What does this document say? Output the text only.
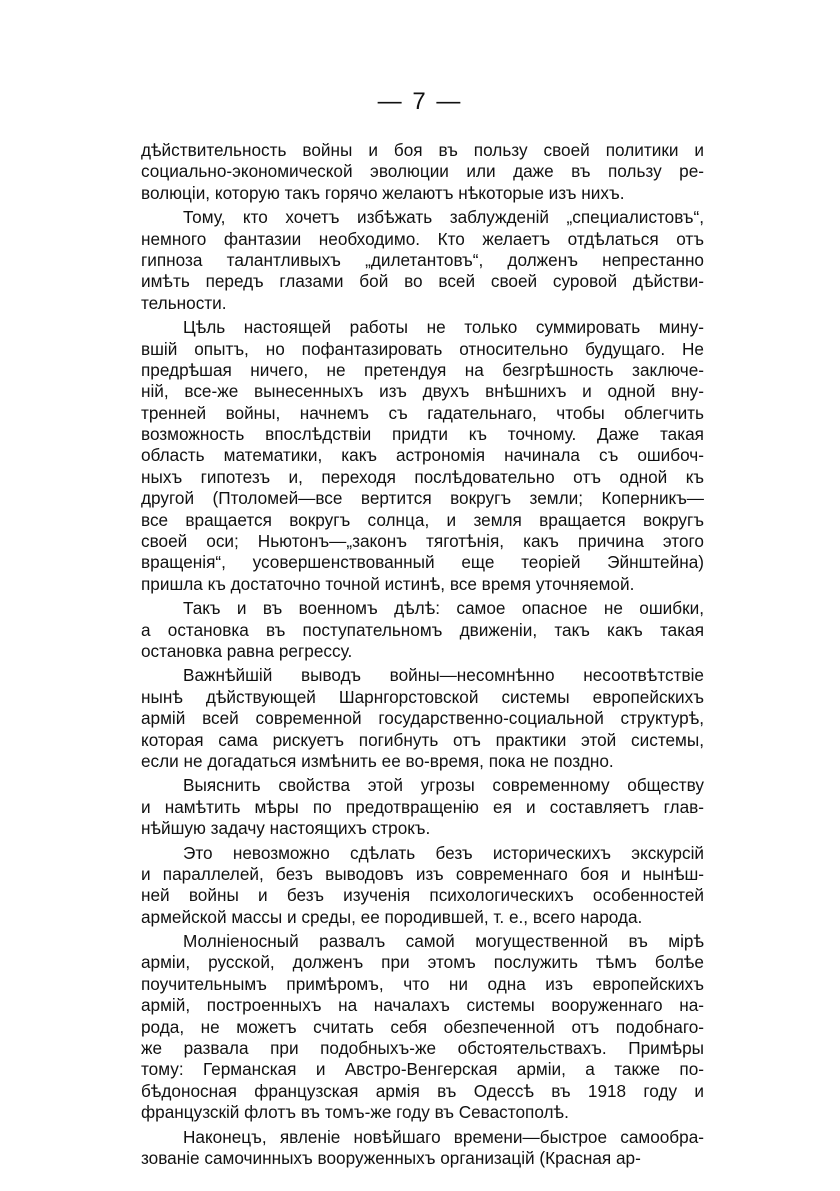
— 7 —
дѣйствительность войны и боя въ пользу своей политики и
социально-экономической эволюции или даже въ пользу ре-
волюціи, которую такъ горячо желаютъ нѣкоторые изъ нихъ.
Тому, кто хочетъ избѣжать заблужденій „специалистовъ“,
немного фантазии необходимо. Кто желаетъ отдѣлаться отъ
гипноза талантливыхъ „дилетантовъ“, долженъ непрестанно
имѣть передъ глазами бой во всей своей суровой дѣйстви-
тельности.
Цѣль настоящей работы не только суммировать мину-
вшій опытъ, но пофантазировать относительно будущаго. Не
предрѣшая ничего, не претендуя на безгрѣшность заключе-
ній, все-же вынесенныхъ изъ двухъ внѣшнихъ и одной вну-
тренней войны, начнемъ съ гадательнаго, чтобы облегчить
возможность впослѣдствіи придти къ точному. Даже такая
область математики, какъ астрономія начинала съ ошибоч-
ныхъ гипотезъ и, переходя послѣдовательно отъ одной къ
другой (Птоломей—все вертится вокругъ земли; Коперникъ—
все вращается вокругъ солнца, и земля вращается вокругъ
своей оси; Ньютонъ—„законъ тяготѣнія, какъ причина этого
вращенія“, усовершенствованный еще теоріей Эйнштейна)
пришла къ достаточно точной истинѣ, все время уточняемой.
Такъ и въ военномъ дѣлѣ: самое опасное не ошибки,
а остановка въ поступательномъ движеніи, такъ какъ такая
остановка равна регрессу.
Важнѣйшій выводъ войны—несомнѣнно несоотвѣтствіе
нынѣ дѣйствующей Шарнгорстовской системы европейскихъ
армій всей современной государственно-социальной структурѣ,
которая сама рискуетъ погибнуть отъ практики этой системы,
если не догадаться измѣнить ее во-время, пока не поздно.
Выяснить свойства этой угрозы современному обществу
и намѣтить мѣры по предотвращенію ея и составляетъ глав-
нѣйшую задачу настоящихъ строкъ.
Это невозможно сдѣлать безъ историческихъ экскурсій
и параллелей, безъ выводовъ изъ современнаго боя и нынѣш-
ней войны и безъ изученія психологическихъ особенностей
армейской массы и среды, ее породившей, т. е., всего народа.
Молніеносный развалъ самой могущественной въ мірѣ
арміи, русской, долженъ при этомъ послужить тѣмъ болѣе
поучительнымъ примѣромъ, что ни одна изъ европейскихъ
армій, построенныхъ на началахъ системы вооруженнаго на-
рода, не можетъ считать себя обезпеченной отъ подобнаго-
же развала при подобныхъ-же обстоятельствахъ. Примѣры
тому: Германская и Австро-Венгерская арміи, а также по-
бѣдоносная французская армія въ Одессѣ въ 1918 году и
французскій флотъ въ томъ-же году въ Севастополѣ.
Наконецъ, явленіе новѣйшаго времени—быстрое самообра-
зованіе самочинныхъ вооруженныхъ организацій (Красная ар-
